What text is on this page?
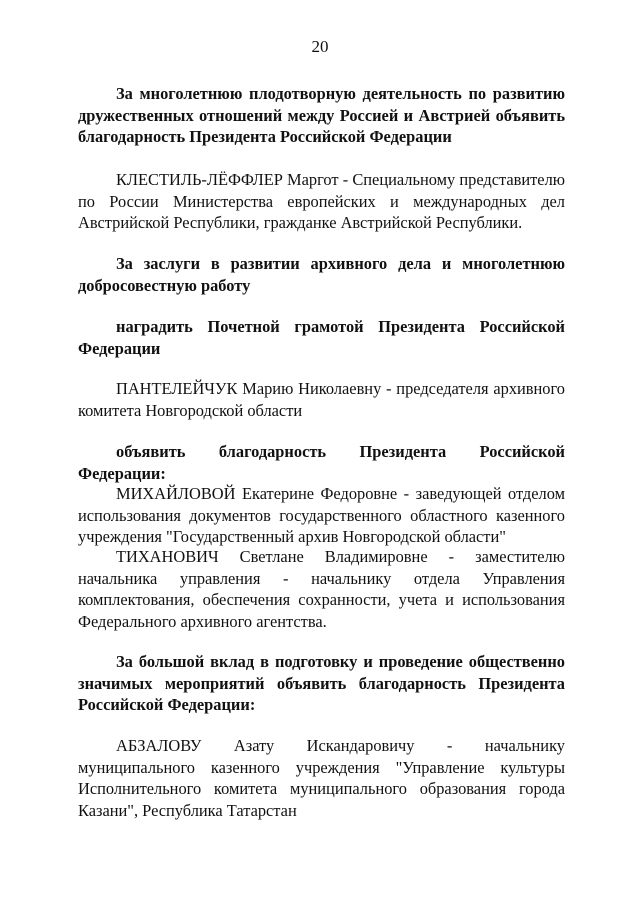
20

За многолетнюю плодотворную деятельность по развитию дружественных отношений между Россией и Австрией объявить благодарность Президента Российской Федерации

КЛЕСТИЛЬ-ЛЁФФЛЕР Маргот - Специальному представителю по России Министерства европейских и международных дел Австрийской Республики, гражданке Австрийской Республики.

За заслуги в развитии архивного дела и многолетнюю добросовестную работу

наградить Почетной грамотой Президента Российской Федерации

ПАНТЕЛЕЙЧУК Марию Николаевну - председателя архивного комитета Новгородской области

объявить благодарность Президента Российской Федерации:

МИХАЙЛОВОЙ Екатерине Федоровне - заведующей отделом использования документов государственного областного казенного учреждения "Государственный архив Новгородской области"

ТИХАНОВИЧ Светлане Владимировне - заместителю начальника управления - начальнику отдела Управления комплектования, обеспечения сохранности, учета и использования Федерального архивного агентства.

За большой вклад в подготовку и проведение общественно значимых мероприятий объявить благодарность Президента Российской Федерации:

АБЗАЛОВУ Азату Искандаровичу - начальнику муниципального казенного учреждения "Управление культуры Исполнительного комитета муниципального образования города Казани", Республика Татарстан
